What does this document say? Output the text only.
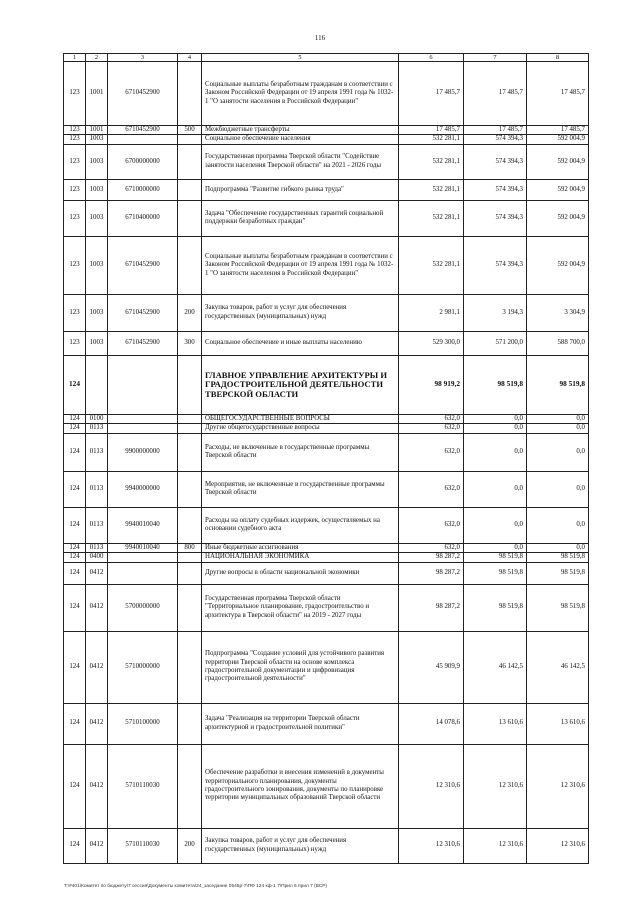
116
1	2	3	4	5	6	7	8
123	1001	6710452900		Социальные выплаты безработным гражданам в соответствии с Законом Российской Федерации от 19 апреля 1991 года № 1032-1 "О занятости населения в Российской Федерации"	17 485,7	17 485,7	17 485,7
123	1001	6710452900	500	Межбюджетные трансферты	17 485,7	17 485,7	17 485,7
123	1003			Социальное обеспечение населения	532 281,1	574 394,3	592 004,9
123	1003	6700000000		Государственная программа Тверской области "Содействие занятости населения Тверской области" на 2021 - 2026 годы	532 281,1	574 394,3	592 004,9
123	1003	6710000000		Подпрограмма "Развитие гибкого рынка труда"	532 281,1	574 394,3	592 004,9
123	1003	6710400000		Задача "Обеспечение государственных гарантий социальной поддержки безработных граждан"	532 281,1	574 394,3	592 004,9
123	1003	6710452900		Социальные выплаты безработным гражданам в соответствии с Законом Российской Федерации от 19 апреля 1991 года № 1032-1 "О занятости населения в Российской Федерации"	532 281,1	574 394,3	592 004,9
123	1003	6710452900	200	Закупка товаров, работ и услуг для обеспечения государственных (муниципальных) нужд	2 981,1	3 194,3	3 304,9
123	1003	6710452900	300	Социальное обеспечение и иные выплаты населению	529 300,0	571 200,0	588 700,0
124				ГЛАВНОЕ УПРАВЛЕНИЕ АРХИТЕКТУРЫ И ГРАДОСТРОИТЕЛЬНОЙ ДЕЯТЕЛЬНОСТИ ТВЕРСКОЙ ОБЛАСТИ	98 919,2	98 519,8	98 519,8
124	0100			ОБЩЕГОСУДАРСТВЕННЫЕ ВОПРОСЫ	632,0	0,0	0,0
124	0113			Другие общегосударственные вопросы	632,0	0,0	0,0
124	0113	9900000000		Расходы, не включенные в государственные программы Тверской области	632,0	0,0	0,0
124	0113	9940000000		Мероприятия, не включенные в государственные программы Тверской области	632,0	0,0	0,0
124	0113	9940010040		Расходы на оплату судебных издержек, осуществляемых на основании судебного акта	632,0	0,0	0,0
124	0113	9940010040	800	Иные бюджетные ассигнования	632,0	0,0	0,0
124	0400			НАЦИОНАЛЬНАЯ ЭКОНОМИКА	98 287,2	98 519,8	98 519,8
124	0412			Другие вопросы в области национальной экономики	98 287,2	98 519,8	98 519,8
124	0412	5700000000		Государственная программа Тверской области "Территориальное планирование, градостроительство и архитектура в Тверской области" на 2019 - 2027 годы	98 287,2	98 519,8	98 519,8
124	0412	5710000000		Подпрограмма "Создание условий для устойчивого развития территории Тверской области на основе комплекса градостроительной документации и цифровизация градостроительной деятельности"	45 909,9	46 142,5	46 142,5
124	0412	5710100000		Задача "Реализация на территории Тверской области архитектурной и градостроительной политики"	14 078,6	13 610,6	13 610,6
124	0412	5710110030		Обеспечение разработки и внесения изменений в документы территориального планирования, документы градостроительного зонирования, документы по планировке территории муниципальных образований Тверской области	12 310,6	12 310,6	12 310,6
124	0412	5710110030	200	Закупка товаров, работ и услуг для обеспечения государственных (муниципальных) нужд	12 310,6	12 310,6	12 310,6
T:\#401\Комитет по бюджету\7 сессия\Документы комитета\24_заседание 0545р-7\ПФ 124 кф-1 7\Прил 6 прил 7 (ВСР)
